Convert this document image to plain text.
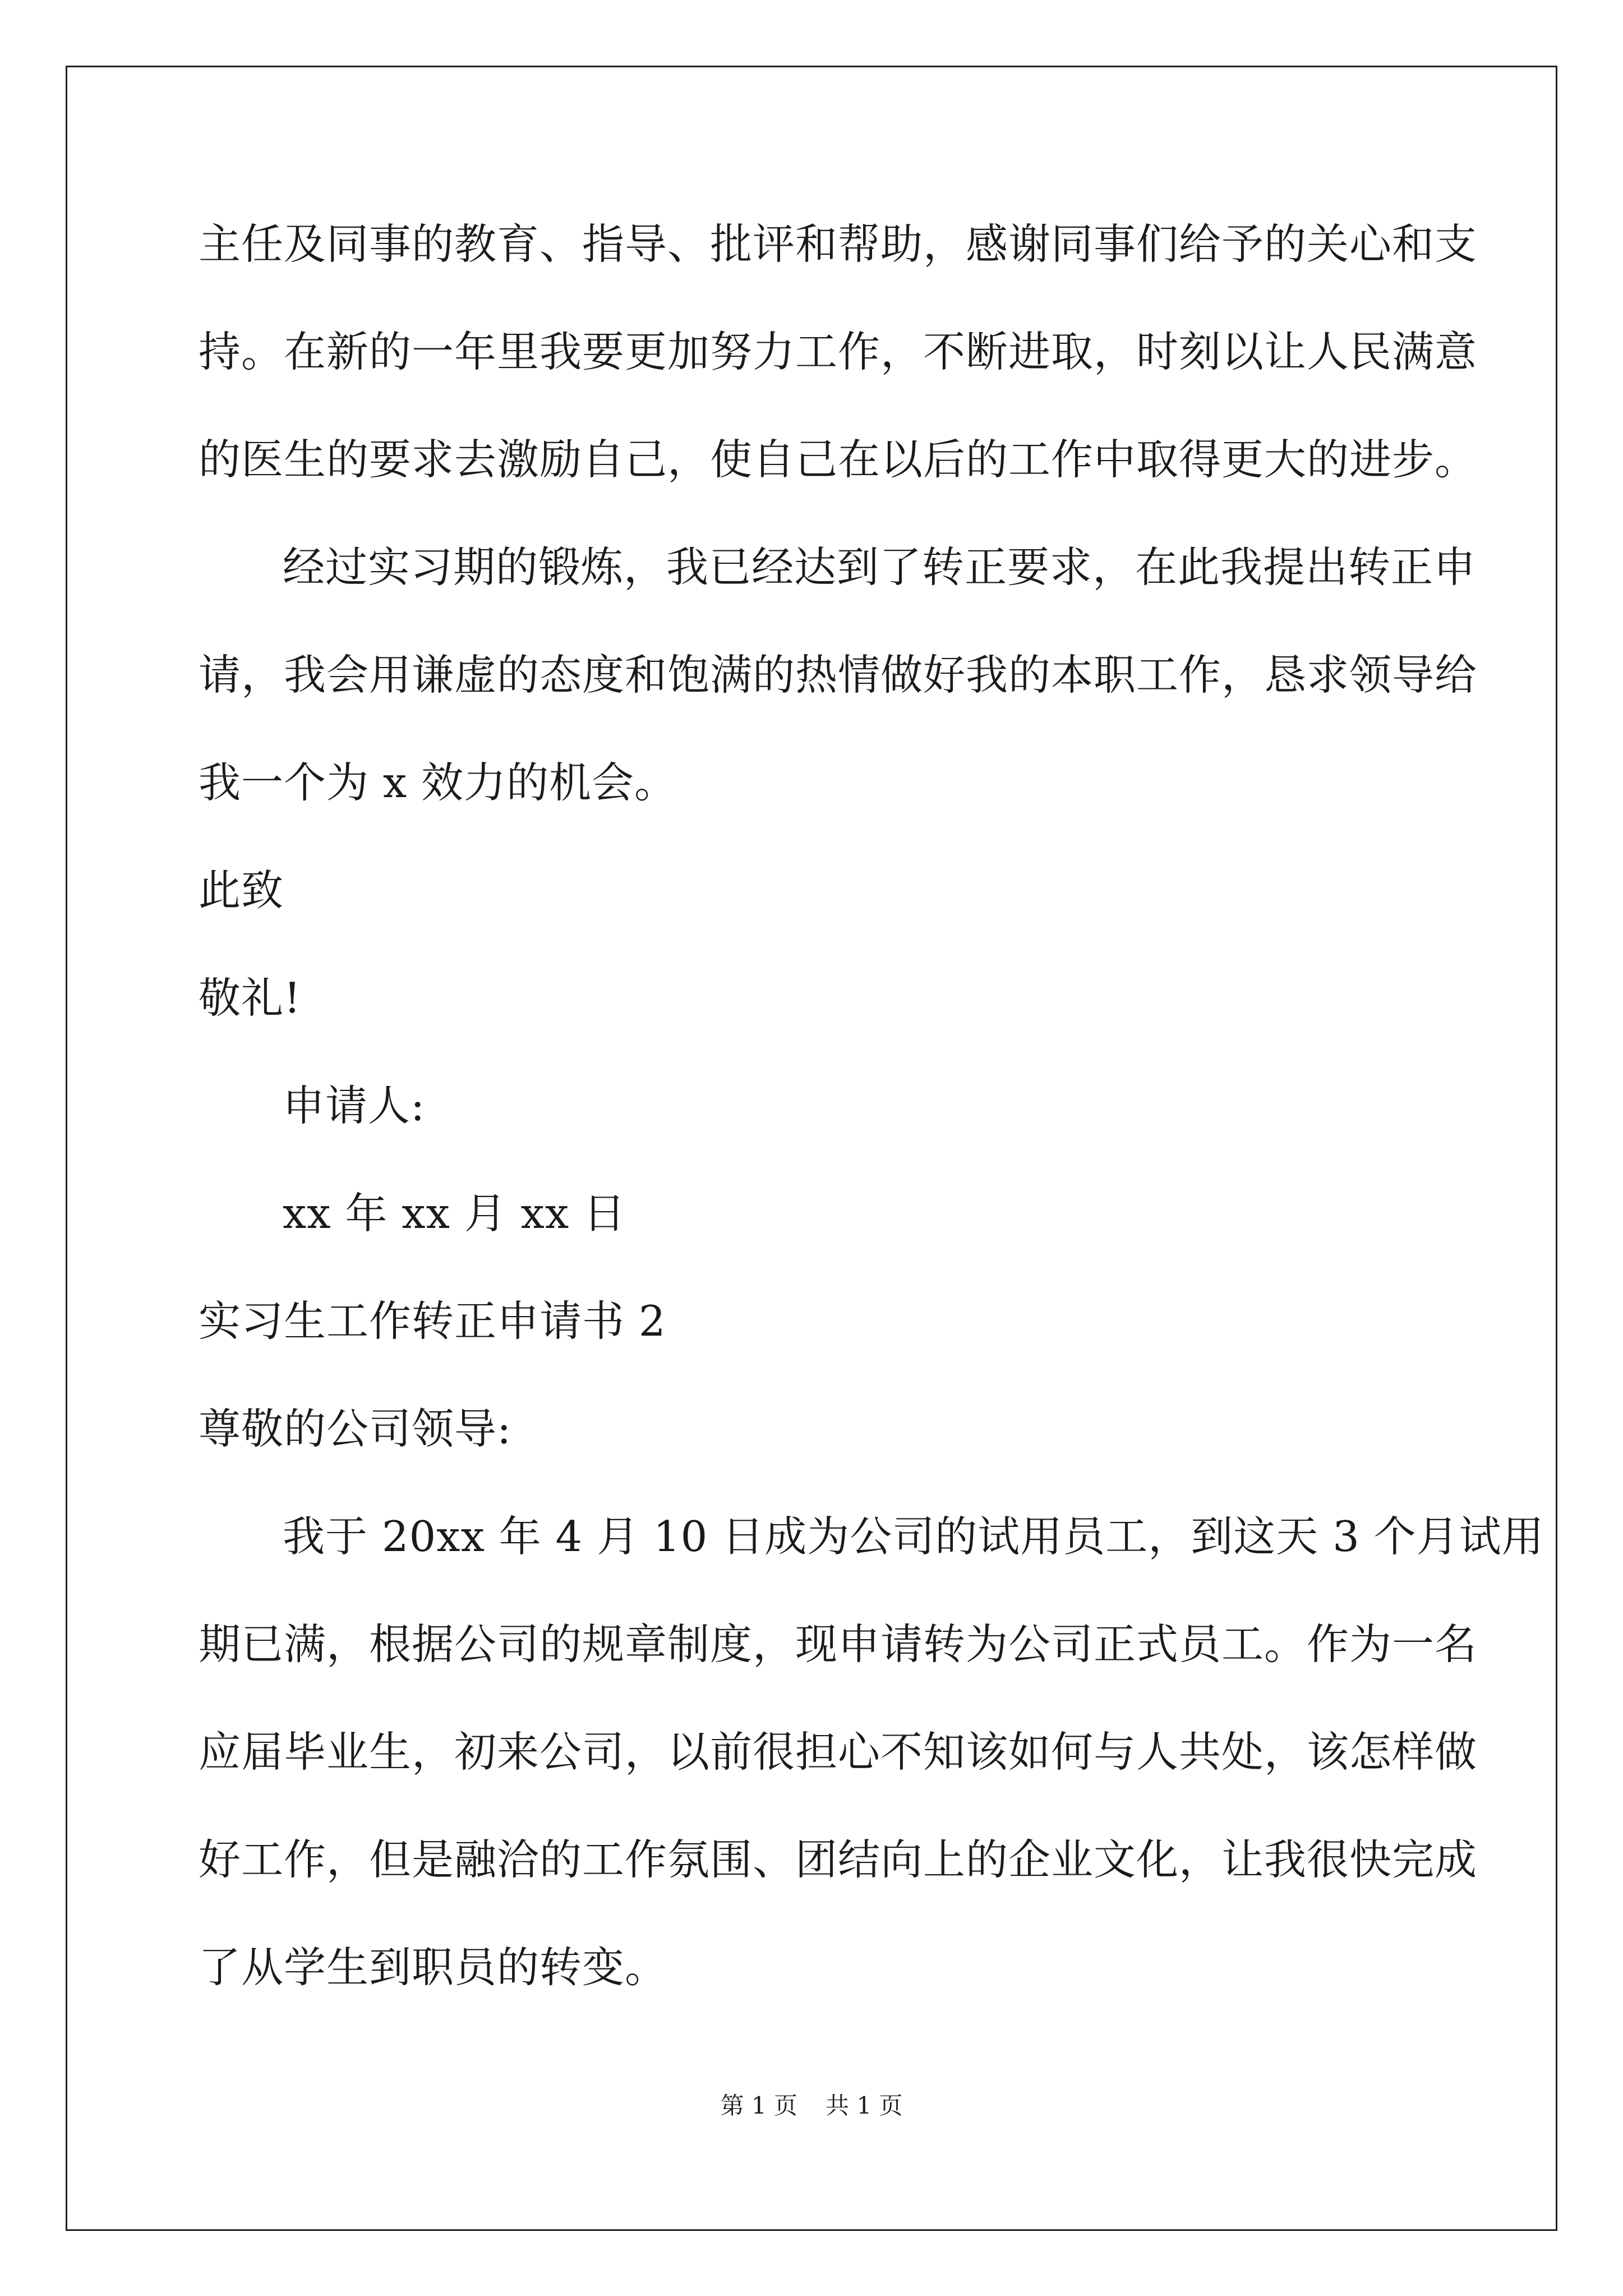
主任及同事的教育、指导、批评和帮助，感谢同事们给予的关心和支
持。在新的一年里我要更加努力工作，不断进取，时刻以让人民满意
的医生的要求去激励自己，使自己在以后的工作中取得更大的进步。
经过实习期的锻炼，我已经达到了转正要求，在此我提出转正申
请，我会用谦虚的态度和饱满的热情做好我的本职工作，恳求领导给
我一个为 x 效力的机会。
此致
敬礼!
申请人:
xx 年 xx 月 xx 日
实习生工作转正申请书 2
尊敬的公司领导:
我于 20xx 年 4 月 10 日成为公司的试用员工，到这天 3 个月试用
期已满，根据公司的规章制度，现申请转为公司正式员工。作为一名
应届毕业生，初来公司，以前很担心不知该如何与人共处，该怎样做
好工作，但是融洽的工作氛围、团结向上的企业文化，让我很快完成
了从学生到职员的转变。
第 1 页 共 1 页
